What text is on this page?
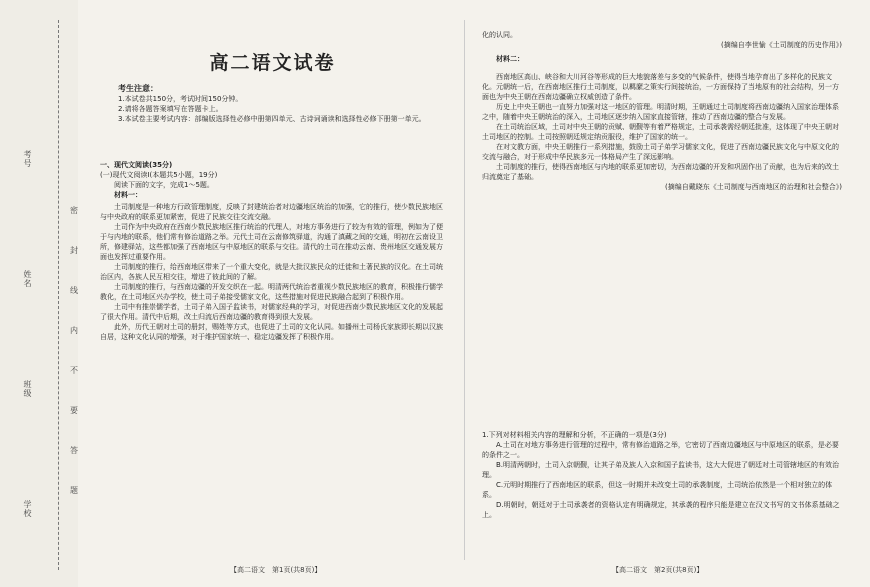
考号
姓名
班级
学校
密
封
线
内
不
要
答
题
高二语文试卷

考生注意：

1.本试卷共150分，考试时间150分钟。

2.请将各题答案填写在答题卡上。

3.本试卷主要考试内容：部编版选择性必修中册第四单元、古诗词诵读和选择性必修下册第一单元。

一、现代文阅读(35分)

(一)现代文阅读Ⅰ(本题共5小题，19分)

阅读下面的文字，完成1～5题。

材料一：

土司制度是一种地方行政管理制度，反映了封建统治者对边疆地区统治的加强，它的推行，使少数民族地区与中央政府的联系更加紧密，促进了民族交往交流交融。

土司作为中央政府在西南少数民族地区推行统治的代理人，对地方事务进行了较为有效的管理，例如为了便于与内地的联系，他们常有修治道路之举。元代土司在云南修筑驿道，沟通了滇藏之间的交通，明初在云南设卫所，修建驿站，这些都加强了西南地区与中原地区的联系与交往。清代的土司在推动云南、贵州地区交通发展方面也发挥过重要作用。

土司制度的推行，给西南地区带来了一个重大变化，就是大批汉族民众的迁徙和土著民族的汉化。在土司统治区内，各族人民互相交往，增进了彼此间的了解。

土司制度的推行，与西南边疆的开发交织在一起。明清两代统治者重视少数民族地区的教育，积极推行儒学教化，在土司地区兴办学校，使土司子弟接受儒家文化，这些措施对促进民族融合起到了积极作用。

土司中有推崇儒学者，土司子弟入国子监读书，对儒家经典的学习，对促进西南少数民族地区文化的发展起了很大作用。清代中后期，改土归流后西南边疆的教育得到很大发展。

此外，历代王朝对土司的册封，赐姓等方式，也促进了土司的文化认同。如播州土司杨氏家族即长期以汉族自居，这种文化认同的增强，对于维护国家统一、稳定边疆发挥了积极作用。

【高二语文　第1页(共8页)】

化的认同。

(摘编自李世愉《土司制度的历史作用》)

材料二：

西南地区高山、峡谷和大川河谷等形成的巨大地貌落差与多变的气候条件，使得当地孕育出了多样化的民族文化。元朝统一后，在西南地区推行土司制度，以羁縻之策实行间接统治，一方面保持了当地原有的社会结构，另一方面也为中央王朝在西南边疆确立权威创造了条件。

历史上中央王朝也一直努力加强对这一地区的管理。明清时期，王朝通过土司制度将西南边疆纳入国家治理体系之中，随着中央王朝统治的深入，土司地区逐步纳入国家直接管辖，推动了西南边疆的整合与发展。

在土司统治区域，土司对中央王朝的贡赋、朝觐等有着严格规定，土司承袭需经朝廷批准，这体现了中央王朝对土司地区的控制。土司按照朝廷规定纳贡服役，维护了国家的统一。

在对文教方面，中央王朝推行一系列措施，鼓励土司子弟学习儒家文化，促进了西南边疆民族文化与中原文化的交流与融合，对于形成中华民族多元一体格局产生了深远影响。

土司制度的推行，使得西南地区与内地的联系更加密切，为西南边疆的开发和巩固作出了贡献，也为后来的改土归流奠定了基础。

(摘编自戴晓东《土司制度与西南地区的治理和社会整合》)

1.下列对材料相关内容的理解和分析，不正确的一项是(3分)

A.土司在对地方事务进行管理的过程中，常有修治道路之举，它密切了西南边疆地区与中原地区的联系，是必要的条件之一。

B.明清两朝时，土司入京朝觐，让其子弟及族人入京和国子监读书，这大大促进了朝廷对土司管辖地区的有效治理。

C.元明时期推行了西南地区的联系，但这一时期并未改变土司的承袭制度，土司统治依然是一个相对独立的体系。

D.明朝时，朝廷对于土司承袭者的资格认定有明确规定，其承袭的程序只能是建立在汉文书写的文书体系基础之上。

【高二语文　第2页(共8页)】
